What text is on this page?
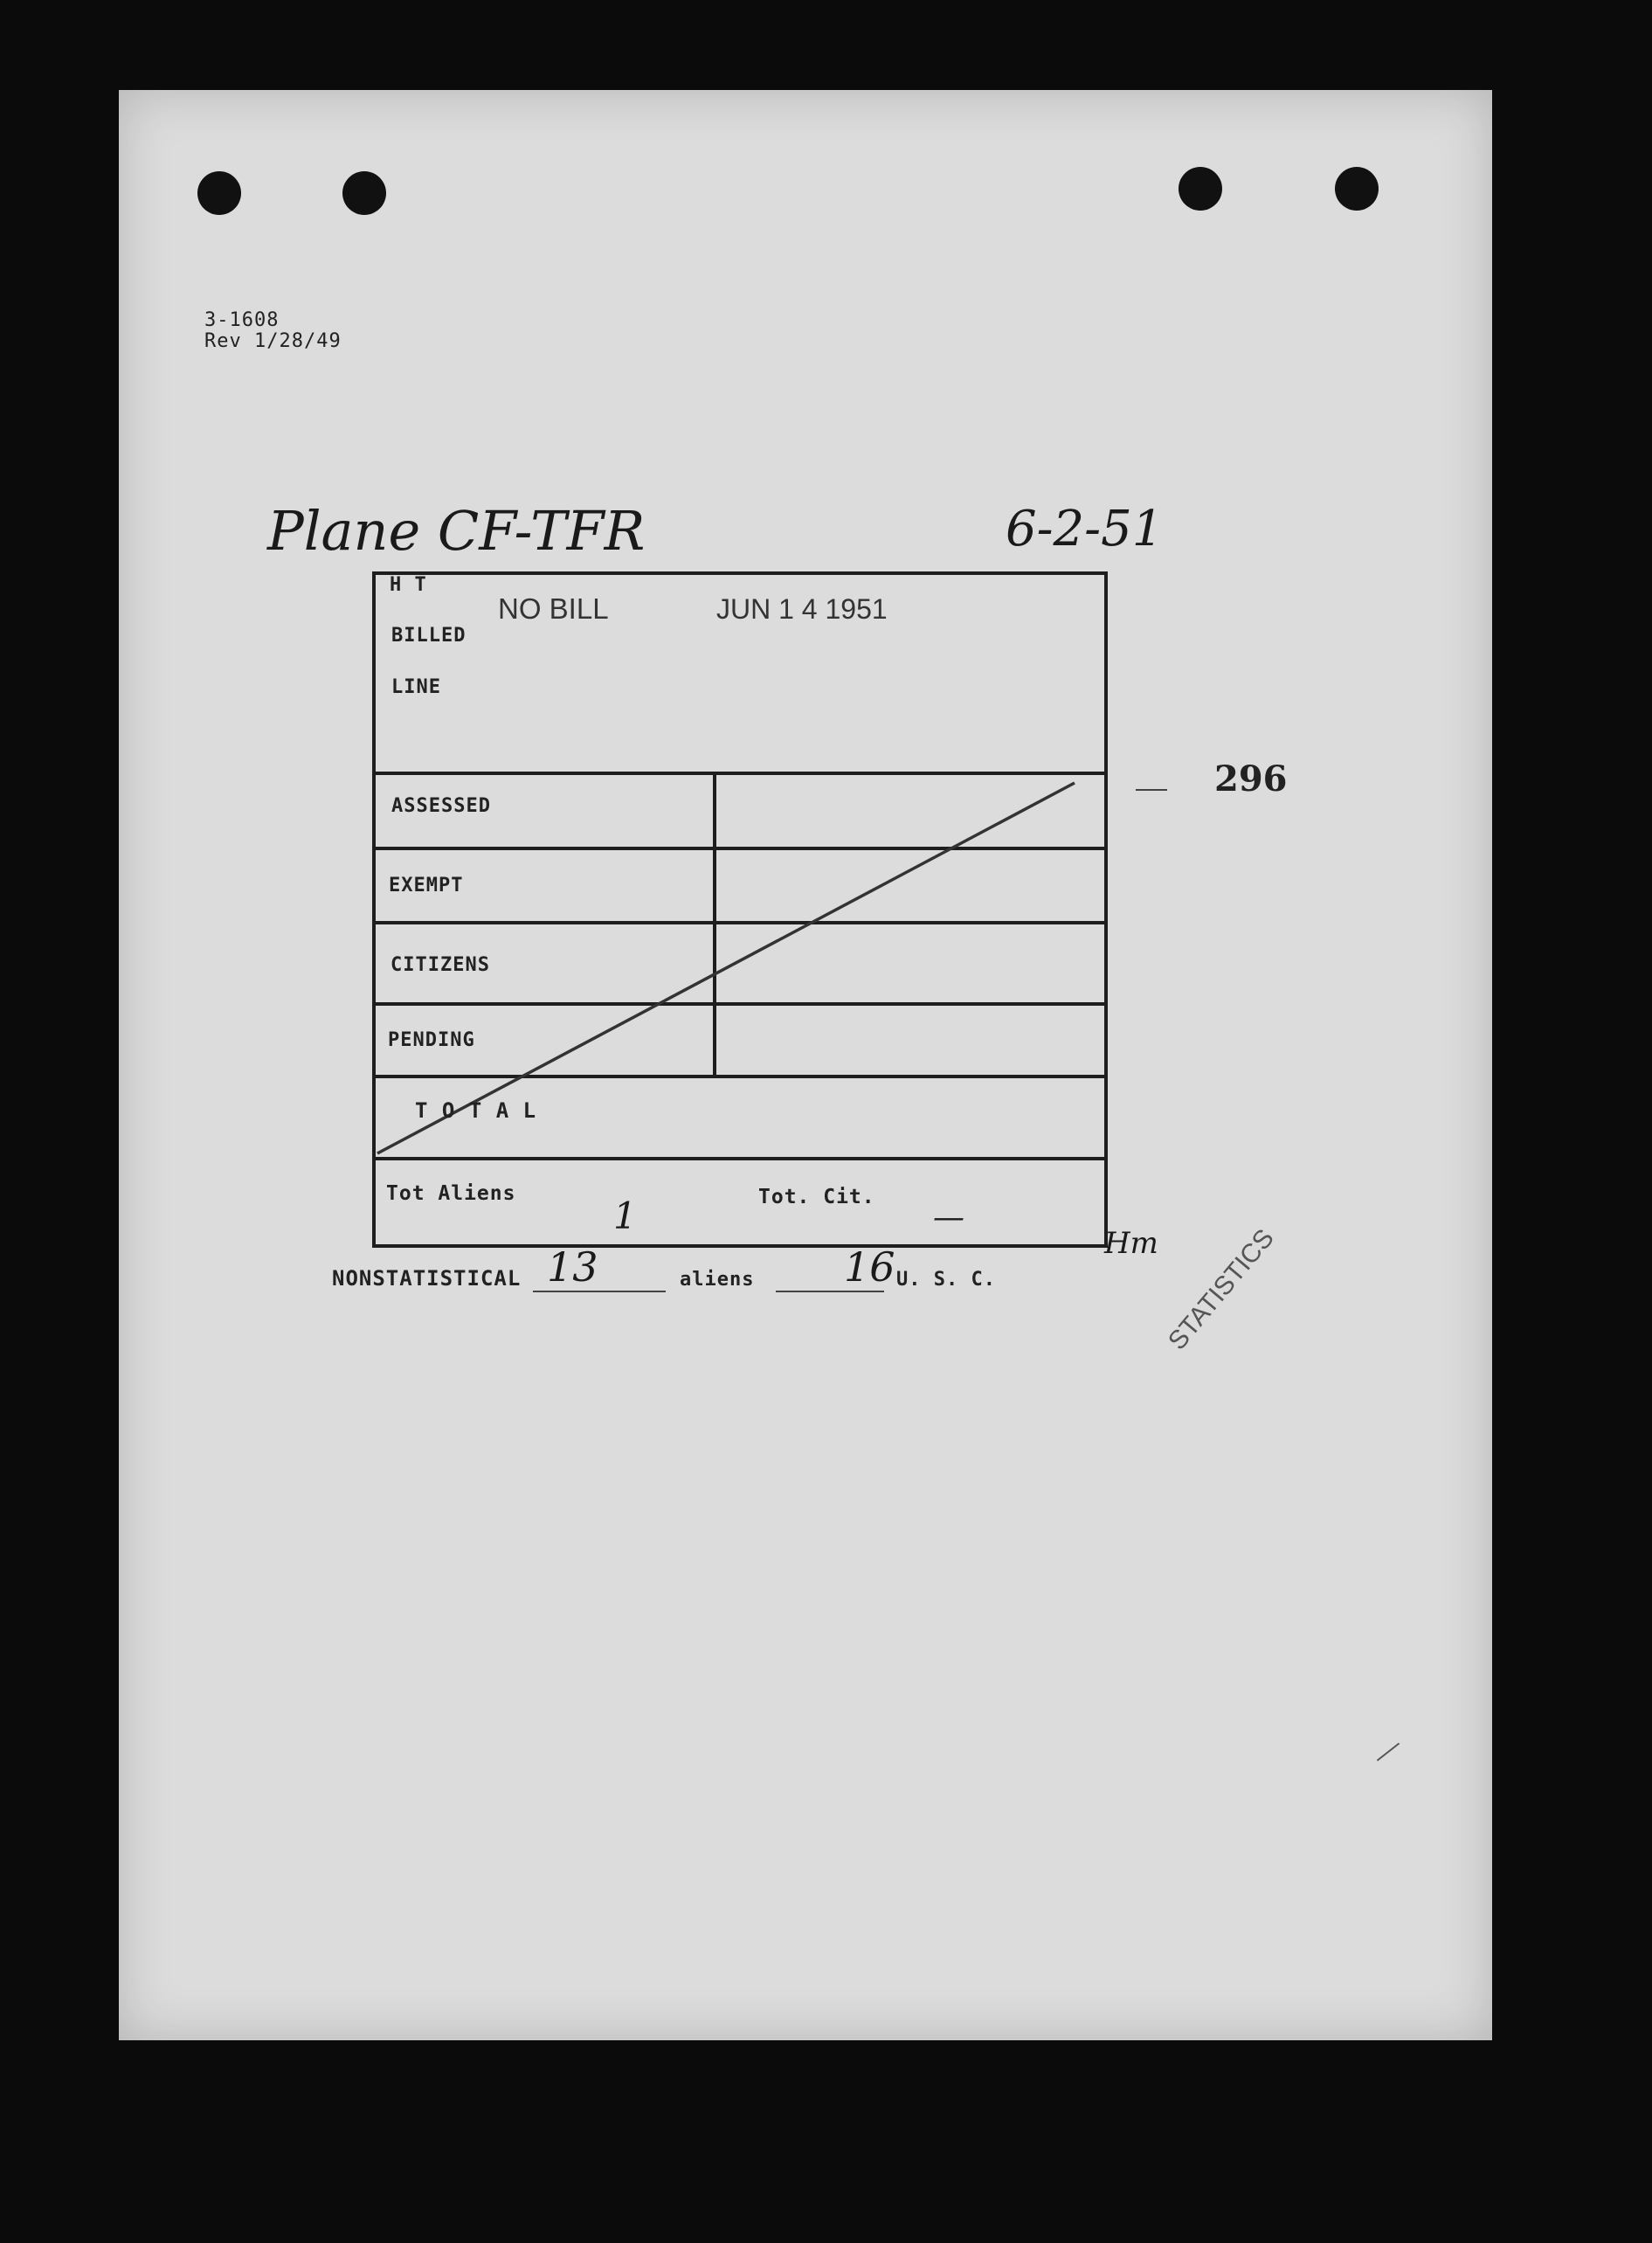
3-1608
Rev 1/28/49
Plane CF-TFR	6-2-51
H T
BILLED
LINE
ASSESSED
EXEMPT
CITIZENS
PENDING
T O T A L
Tot Aliens	Tot. Cit.
NO BILL	JUN 1 4 1951
296
1	—
Hm
NONSTATISTICAL 13	aliens 16 U. S. C.	STATISTICS
